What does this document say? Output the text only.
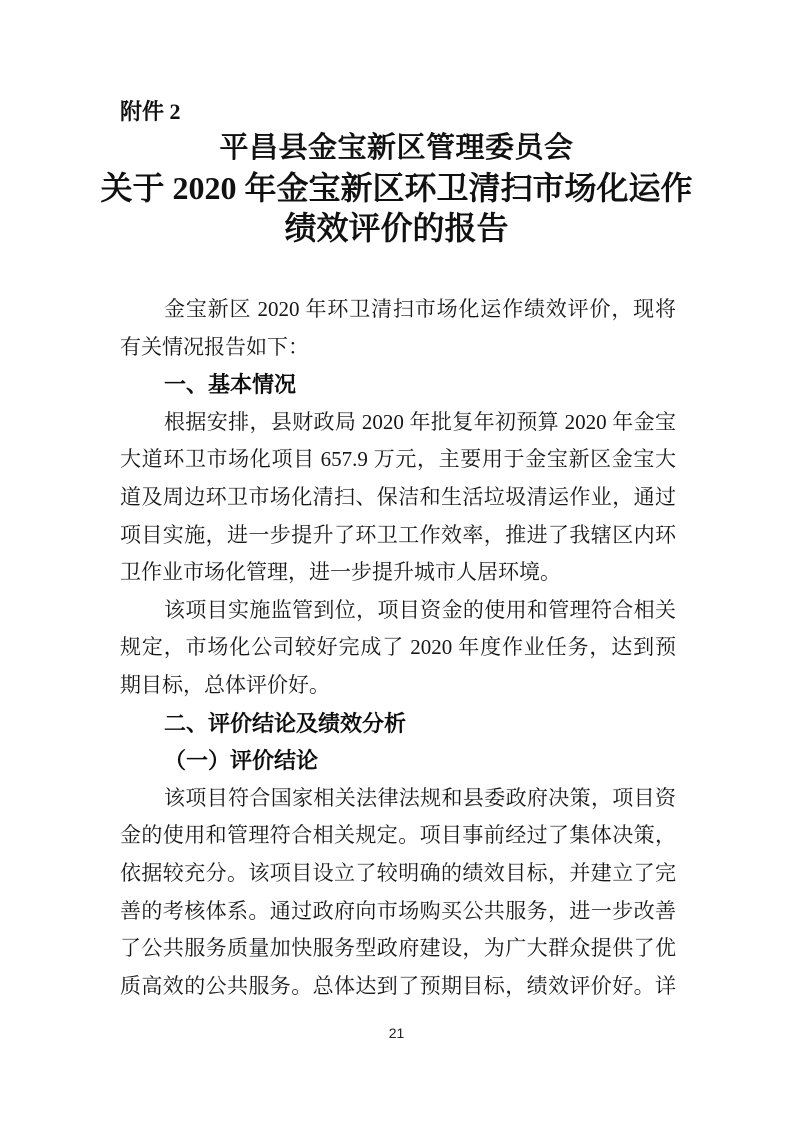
附件 2
平昌县金宝新区管理委员会
关于 2020 年金宝新区环卫清扫市场化运作
绩效评价的报告
金宝新区 2020 年环卫清扫市场化运作绩效评价，现将
有关情况报告如下：
一、基本情况
根据安排，县财政局 2020 年批复年初预算 2020 年金宝
大道环卫市场化项目 657.9 万元，主要用于金宝新区金宝大
道及周边环卫市场化清扫、保洁和生活垃圾清运作业，通过
项目实施，进一步提升了环卫工作效率，推进了我辖区内环
卫作业市场化管理，进一步提升城市人居环境。
该项目实施监管到位，项目资金的使用和管理符合相关
规定，市场化公司较好完成了 2020 年度作业任务，达到预
期目标，总体评价好。
二、评价结论及绩效分析
（一）评价结论
该项目符合国家相关法律法规和县委政府决策，项目资
金的使用和管理符合相关规定。项目事前经过了集体决策，
依据较充分。该项目设立了较明确的绩效目标，并建立了完
善的考核体系。通过政府向市场购买公共服务，进一步改善
了公共服务质量加快服务型政府建设，为广大群众提供了优
质高效的公共服务。总体达到了预期目标，绩效评价好。详
21
